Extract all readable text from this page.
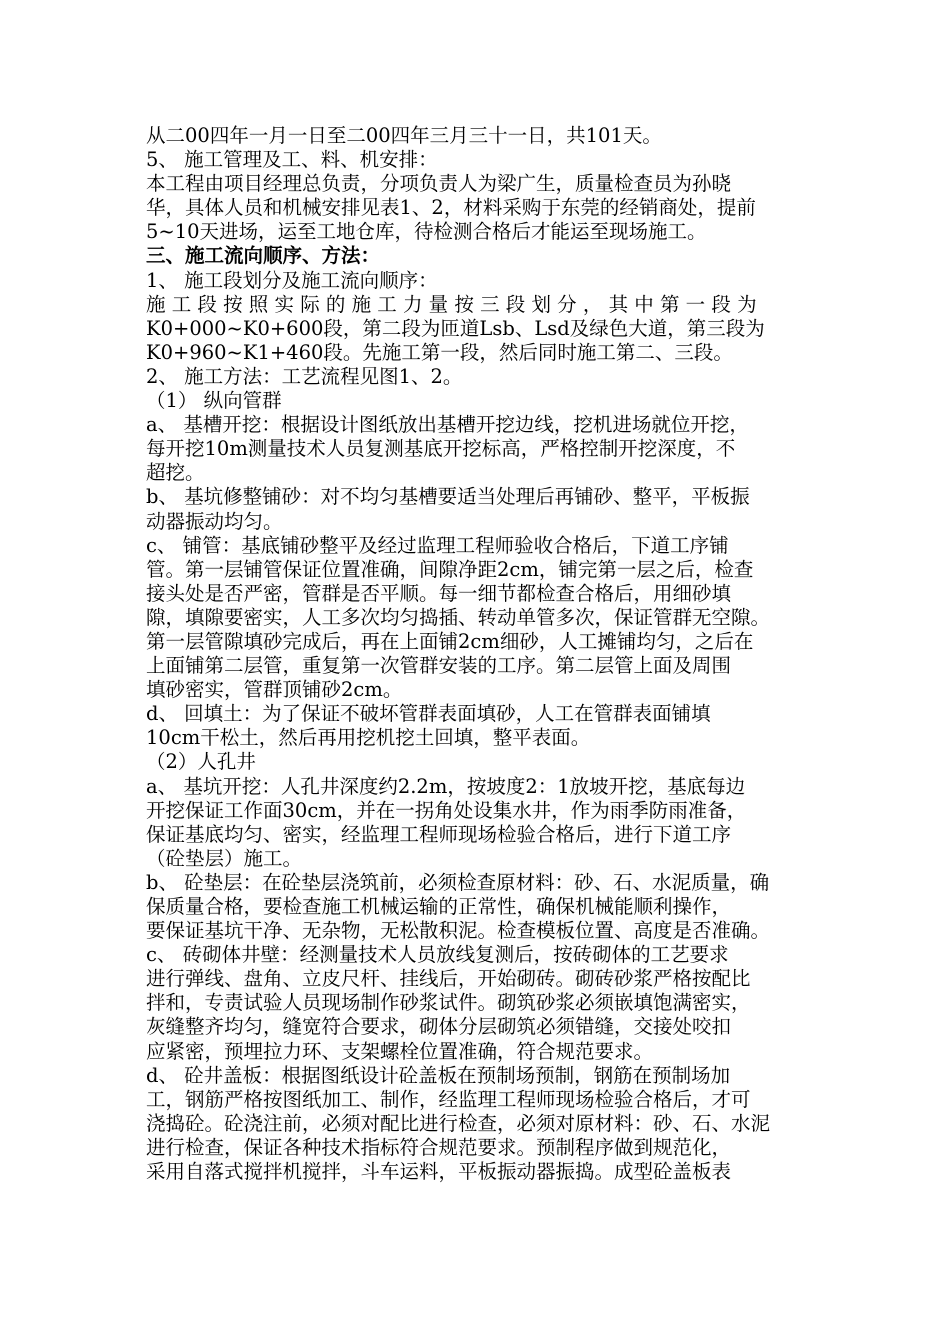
从二00四年一月一日至二00四年三月三十一日，共101天。
5、 施工管理及工、料、机安排：
本工程由项目经理总负责，分项负责人为梁广生，质量检查员为孙晓
华，具体人员和机械安排见表1、2，材料采购于东莞的经销商处，提前
5~10天进场，运至工地仓库，待检测合格后才能运至现场施工。
三、施工流向顺序、方法：
1、 施工段划分及施工流向顺序：
施 工 段 按 照 实 际 的 施 工 力 量 按 三 段 划 分 ， 其 中 第 一 段 为
K0+000~K0+600段，第二段为匝道Lsb、Lsd及绿色大道，第三段为
K0+960~K1+460段。先施工第一段，然后同时施工第二、三段。
2、 施工方法：工艺流程见图1、2。
（1） 纵向管群
a、 基槽开挖：根据设计图纸放出基槽开挖边线，挖机进场就位开挖，
每开挖10m测量技术人员复测基底开挖标高，严格控制开挖深度，不
超挖。
b、 基坑修整铺砂：对不均匀基槽要适当处理后再铺砂、整平，平板振
动器振动均匀。
c、 铺管：基底铺砂整平及经过监理工程师验收合格后，下道工序铺
管。第一层铺管保证位置准确，间隙净距2cm，铺完第一层之后，检查
接头处是否严密，管群是否平顺。每一细节都检查合格后，用细砂填
隙，填隙要密实，人工多次均匀捣插、转动单管多次，保证管群无空隙。
第一层管隙填砂完成后，再在上面铺2cm细砂，人工摊铺均匀，之后在
上面铺第二层管，重复第一次管群安装的工序。第二层管上面及周围
填砂密实，管群顶铺砂2cm。
d、 回填土：为了保证不破坏管群表面填砂，人工在管群表面铺填
10cm干松土，然后再用挖机挖土回填，整平表面。
（2）人孔井
a、 基坑开挖：人孔井深度约2.2m，按坡度2：1放坡开挖，基底每边
开挖保证工作面30cm，并在一拐角处设集水井，作为雨季防雨准备，
保证基底均匀、密实，经监理工程师现场检验合格后，进行下道工序
（砼垫层）施工。
b、 砼垫层：在砼垫层浇筑前，必须检查原材料：砂、石、水泥质量，确
保质量合格，要检查施工机械运输的正常性，确保机械能顺利操作，
要保证基坑干净、无杂物，无松散积泥。检查模板位置、高度是否准确。
c、 砖砌体井壁：经测量技术人员放线复测后，按砖砌体的工艺要求
进行弹线、盘角、立皮尺杆、挂线后，开始砌砖。砌砖砂浆严格按配比
拌和，专责试验人员现场制作砂浆试件。砌筑砂浆必须嵌填饱满密实，
灰缝整齐均匀，缝宽符合要求，砌体分层砌筑必须错缝，交接处咬扣
应紧密，预埋拉力环、支架螺栓位置准确，符合规范要求。
d、 砼井盖板：根据图纸设计砼盖板在预制场预制，钢筋在预制场加
工，钢筋严格按图纸加工、制作，经监理工程师现场检验合格后，才可
浇捣砼。砼浇注前，必须对配比进行检查，必须对原材料：砂、石、水泥
进行检查，保证各种技术指标符合规范要求。预制程序做到规范化，
采用自落式搅拌机搅拌，斗车运料，平板振动器振捣。成型砼盖板表
